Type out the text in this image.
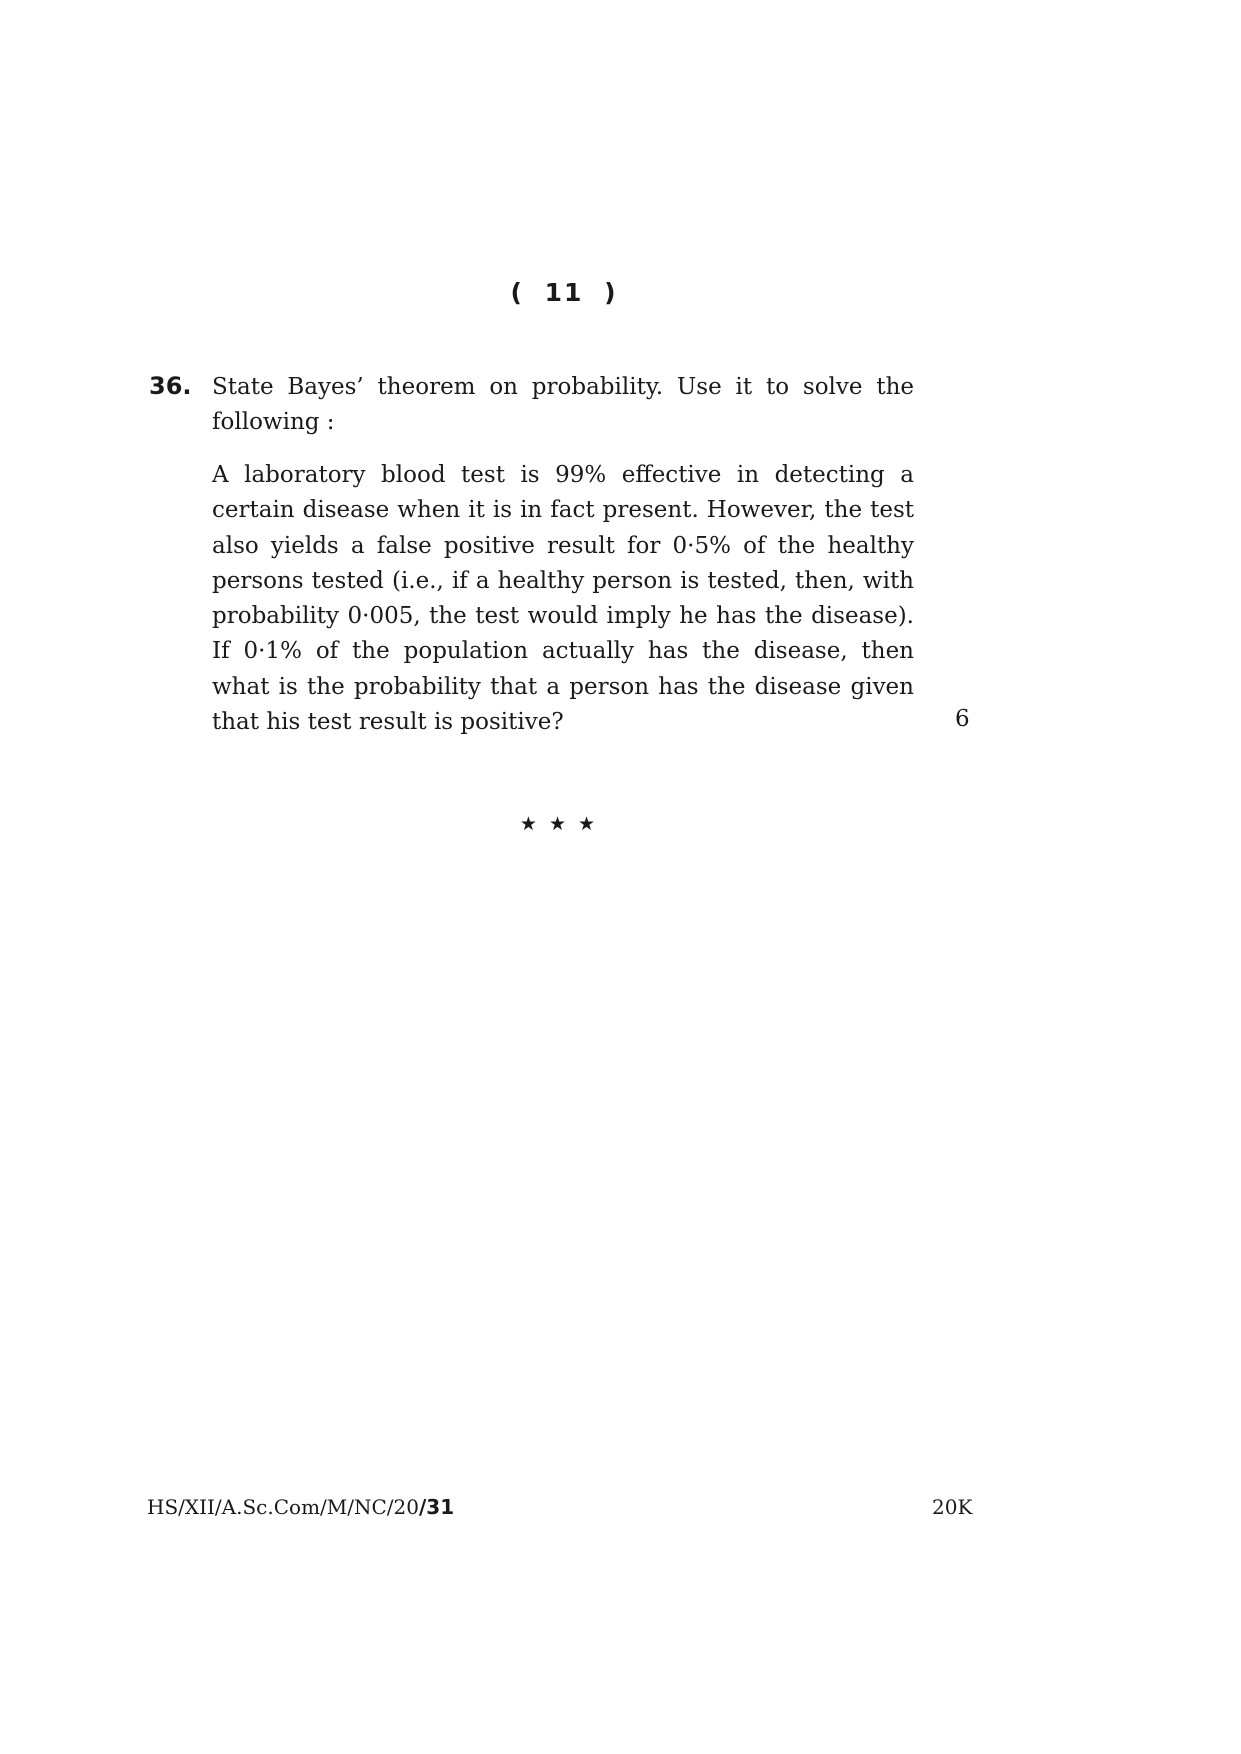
( 11 )
36. State Bayes’ theorem on probability. Use it to solve the following :
A laboratory blood test is 99% effective in detecting a certain disease when it is in fact present. However, the test also yields a false positive result for 0·5% of the healthy persons tested (i.e., if a healthy person is tested, then, with probability 0·005, the test would imply he has the disease). If 0·1% of the population actually has the disease, then what is the probability that a person has the disease given that his test result is positive?	6
★ ★ ★
HS/XII/A.Sc.Com/M/NC/20/31	20K
